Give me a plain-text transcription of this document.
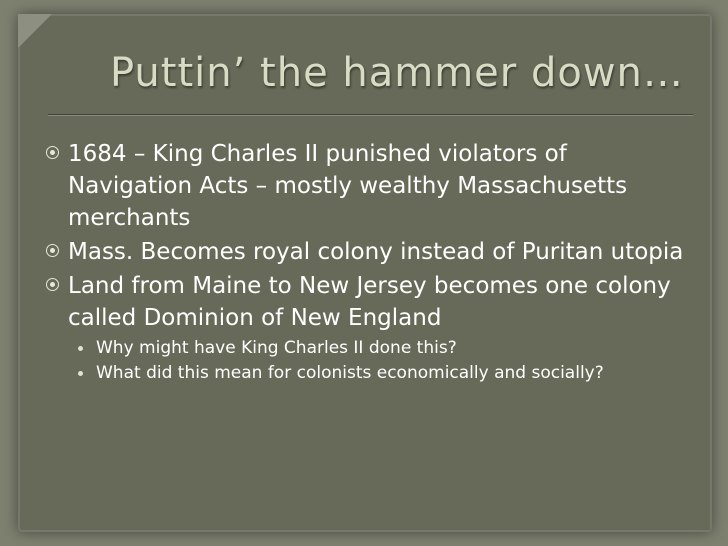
Puttin’ the hammer down…
1684 – King Charles II punished violators of Navigation Acts – mostly wealthy Massachusetts merchants
Mass. Becomes royal colony instead of Puritan utopia
Land from Maine to New Jersey becomes one colony called Dominion of New England
Why might have King Charles II done this?
What did this mean for colonists economically and socially?
